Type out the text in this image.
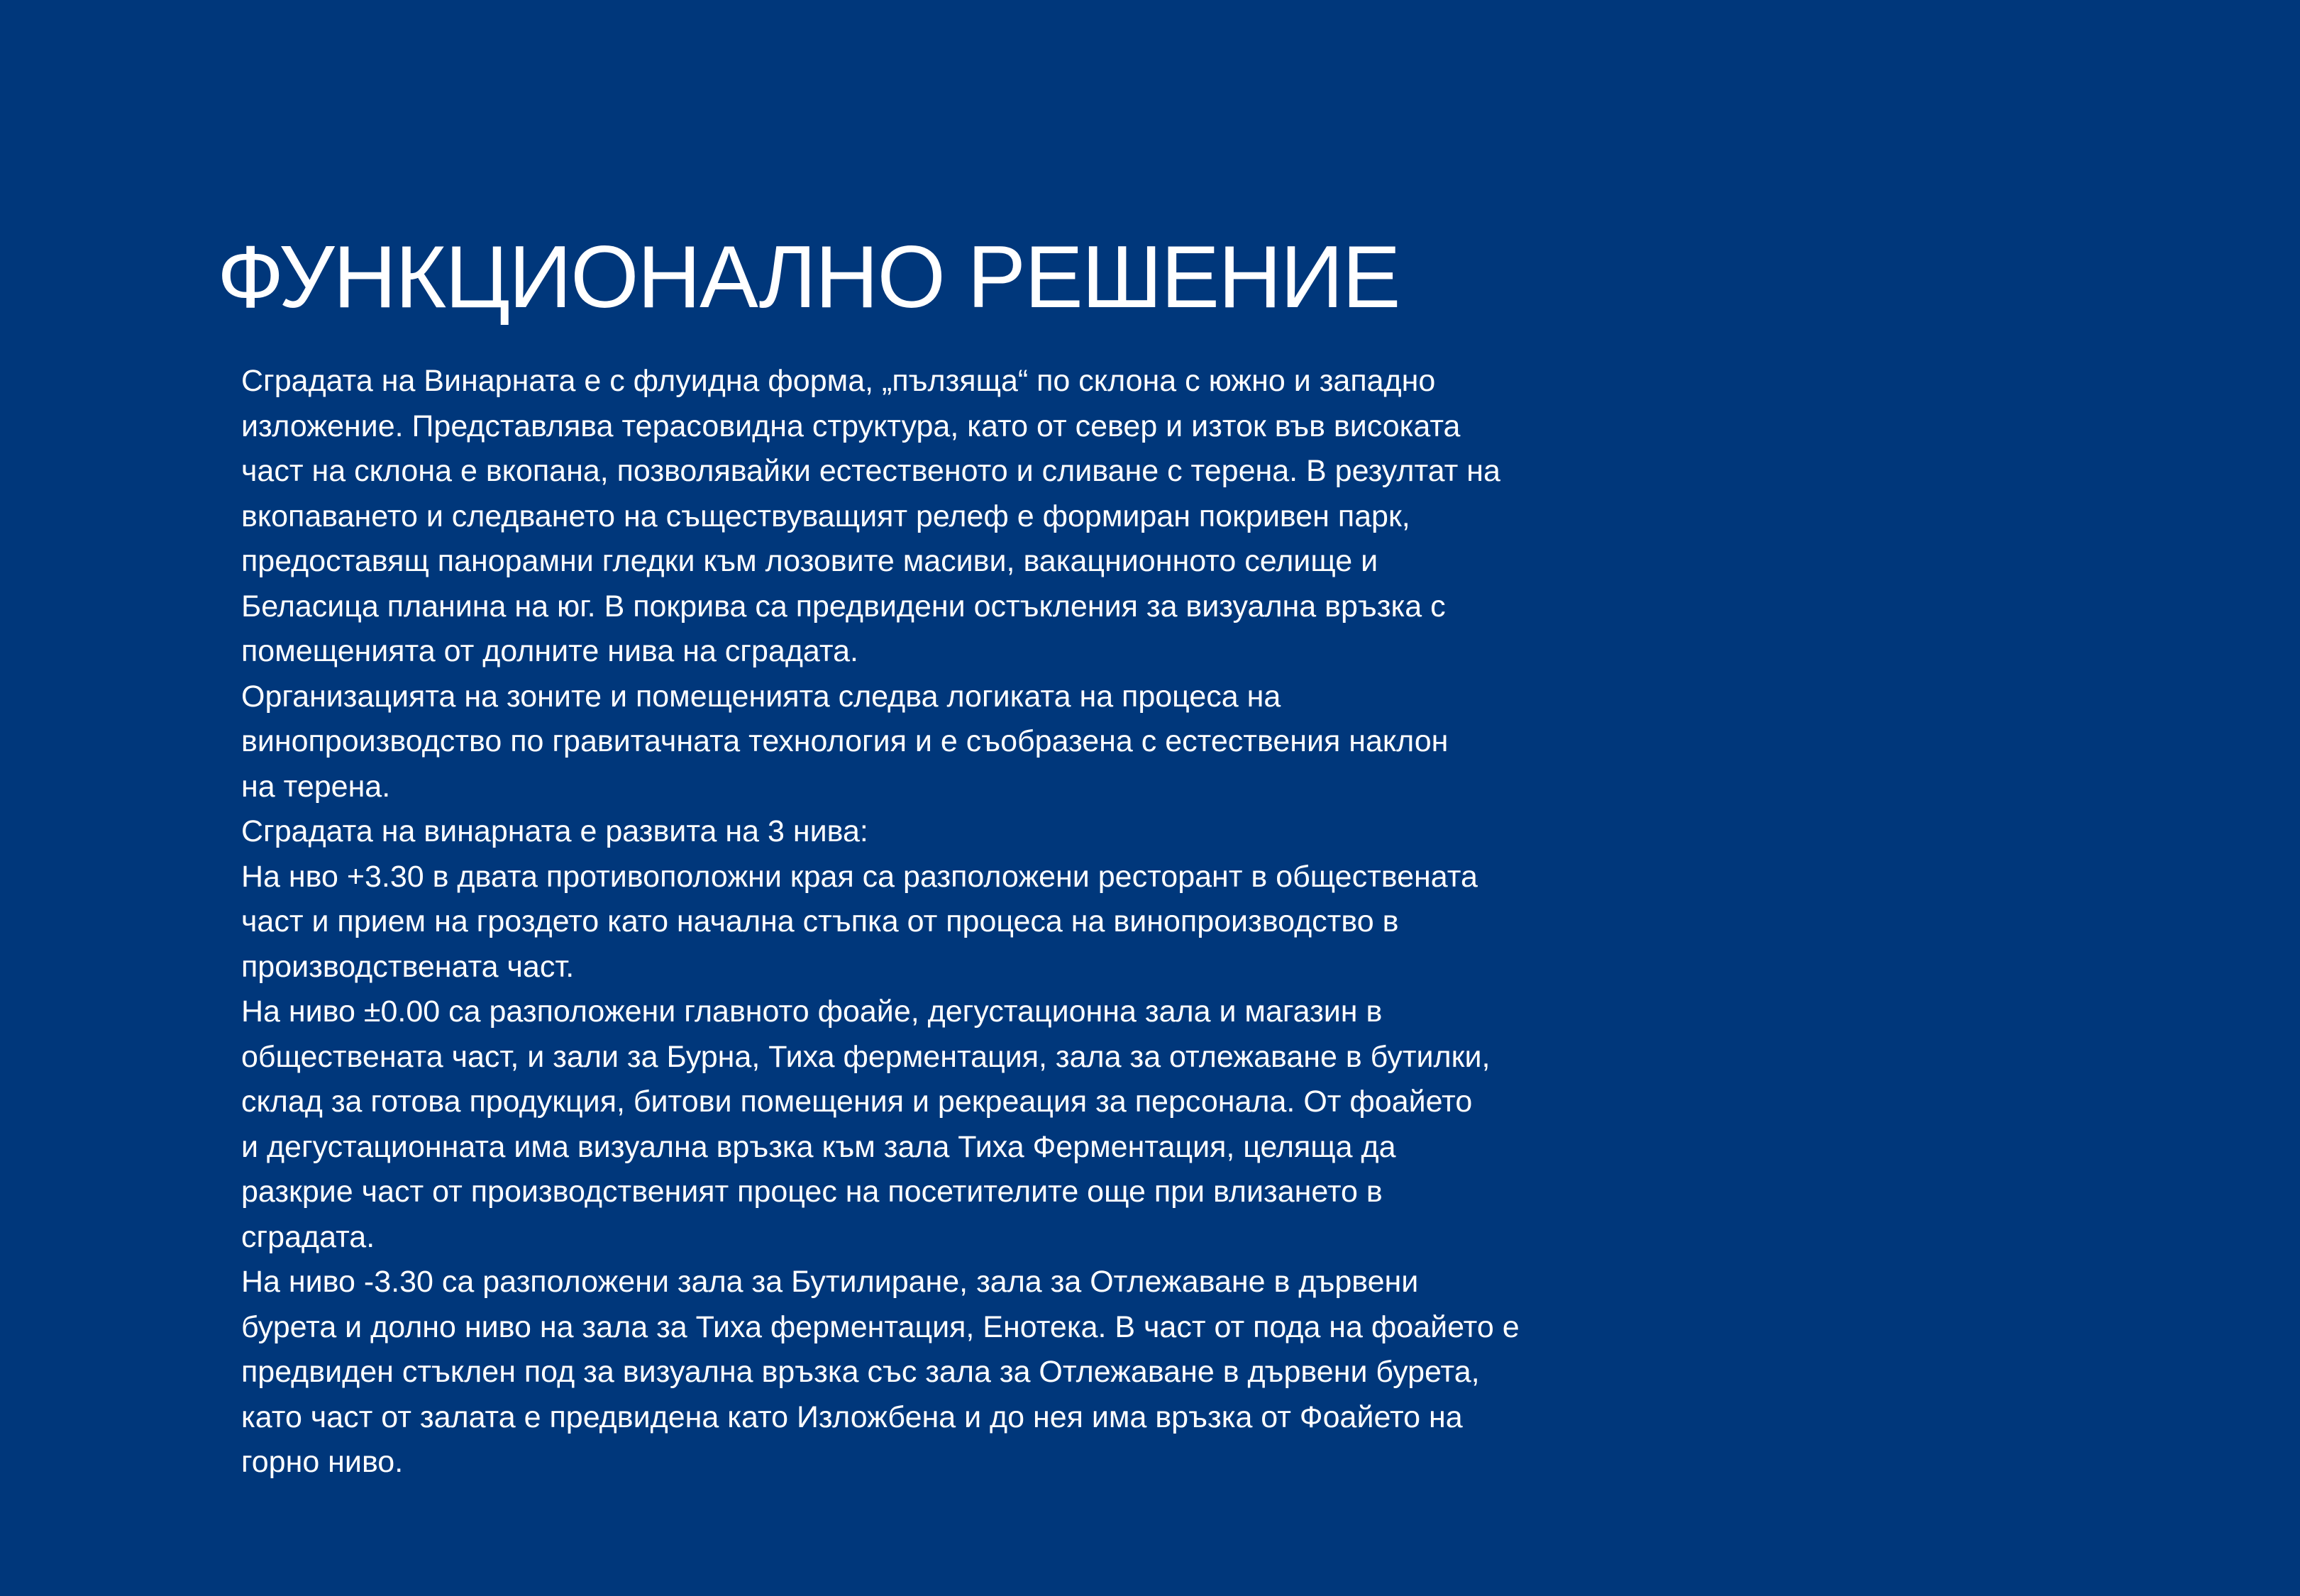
ФУНКЦИОНАЛНО РЕШЕНИЕ
Сградата на Винарната е с флуидна форма, „пълзяща“ по склона с южно и западно
изложение. Представлява терасовидна структура, като от север и изток във високата
част на склона е вкопана, позволявайки естественото и сливане с терена. В резултат на
вкопаването и следването на съществуващият релеф е формиран покривен парк,
предоставящ панорамни гледки към лозовите масиви, вакацнионното селище и
Беласица планина на юг. В покрива са предвидени остъкления за визуална връзка с
помещенията от долните нива на сградата.
Организацията на зоните и помещенията следва логиката на процеса на
винопроизводство по гравитачната технология и е съобразена с естествения наклон
на терена.
Сградата на винарната е развита на 3 нива:
На нво +3.30 в двата противоположни края са разположени ресторант в обществената
част и прием на гроздето като начална стъпка от процеса на винопроизводство в
производствената част.
На ниво ±0.00 са разположени главното фоайе, дегустационна зала и магазин в
обществената част, и зали за Бурна, Тиха ферментация, зала за отлежаване в бутилки,
склад за готова продукция, битови помещения и рекреация за персонала. От фоайето
и дегустационната има визуална връзка към зала Тиха Ферментация, целяща да
разкрие част от производственият процес на посетителите още при влизането в
сградата.
На ниво -3.30 са разположени зала за Бутилиране, зала за Отлежаване в дървени
бурета и долно ниво на зала за Тиха ферментация, Енотека. В част от пода на фоайето е
предвиден стъклен под за визуална връзка със зала за Отлежаване в дървени бурета,
като част от залата е предвидена като Изложбена и до нея има връзка от Фоайето на
горно ниво.
